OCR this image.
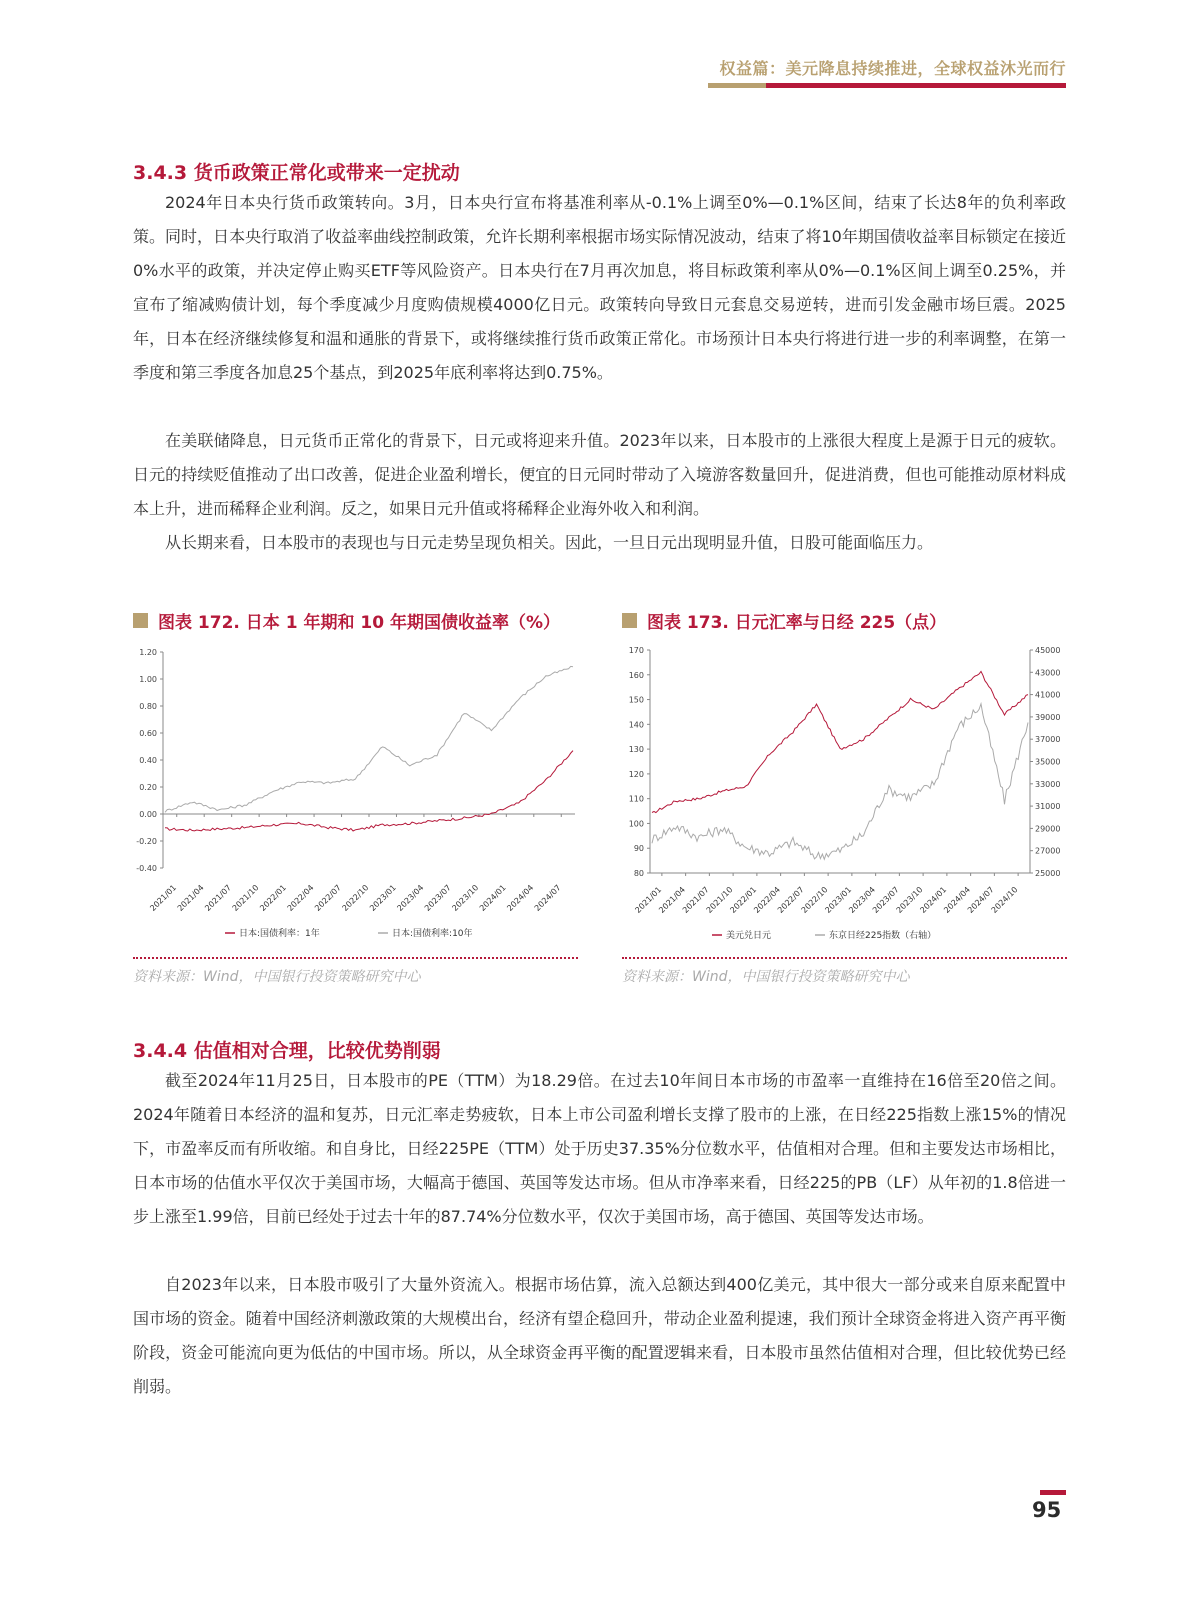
权益篇：美元降息持续推进，全球权益沐光而行
3.4.3 货币政策正常化或带来一定扰动

2024年日本央行货币政策转向。3月，日本央行宣布将基准利率从-0.1%上调至0%—0.1%区间，结束了长达8年的负利率政策。同时，日本央行取消了收益率曲线控制政策，允许长期利率根据市场实际情况波动，结束了将10年期国债收益率目标锁定在接近0%水平的政策，并决定停止购买ETF等风险资产。日本央行在7月再次加息，将目标政策利率从0%—0.1%区间上调至0.25%，并宣布了缩减购债计划，每个季度减少月度购债规模4000亿日元。政策转向导致日元套息交易逆转，进而引发金融市场巨震。2025年，日本在经济继续修复和温和通胀的背景下，或将继续推行货币政策正常化。市场预计日本央行将进行进一步的利率调整，在第一季度和第三季度各加息25个基点，到2025年底利率将达到0.75%。

在美联储降息，日元货币正常化的背景下，日元或将迎来升值。2023年以来，日本股市的上涨很大程度上是源于日元的疲软。日元的持续贬值推动了出口改善，促进企业盈利增长，便宜的日元同时带动了入境游客数量回升，促进消费，但也可能推动原材料成本上升，进而稀释企业利润。反之，如果日元升值或将稀释企业海外收入和利润。

从长期来看，日本股市的表现也与日元走势呈现负相关。因此，一旦日元出现明显升值，日股可能面临压力。

图表 172. 日本 1 年期和 10 年期国债收益率（%）
1.20
1.00
0.80
0.60
0.40
0.20
0.00
-0.20
-0.40
2021/01
2021/04
2021/07
2021/10
2022/01
2022/04
2022/07
2022/10
2023/01
2023/04
2023/07
2023/10
2024/01
2024/04
2024/07
日本:国债利率：1年	日本:国债利率:10年
资料来源：Wind，中国银行投资策略研究中心
图表 173. 日元汇率与日经 225（点）
170
160
150
140
130
120
110
100
90
80
45000
43000
41000
39000
37000
35000
33000
31000
29000
27000
25000
2021/01
2021/04
2021/07
2021/10
2022/01
2022/04
2022/07
2022/10
2023/01
2023/04
2023/07
2023/10
2024/01
2024/04
2024/07
2024/10
美元兑日元	东京日经225指数（右轴）
资料来源：Wind，中国银行投资策略研究中心
3.4.4 估值相对合理，比较优势削弱

截至2024年11月25日，日本股市的PE（TTM）为18.29倍。在过去10年间日本市场的市盈率一直维持在16倍至20倍之间。2024年随着日本经济的温和复苏，日元汇率走势疲软，日本上市公司盈利增长支撑了股市的上涨，在日经225指数上涨15%的情况下，市盈率反而有所收缩。和自身比，日经225PE（TTM）处于历史37.35%分位数水平，估值相对合理。但和主要发达市场相比，日本市场的估值水平仅次于美国市场，大幅高于德国、英国等发达市场。但从市净率来看，日经225的PB（LF）从年初的1.8倍进一步上涨至1.99倍，目前已经处于过去十年的87.74%分位数水平，仅次于美国市场，高于德国、英国等发达市场。

自2023年以来，日本股市吸引了大量外资流入。根据市场估算，流入总额达到400亿美元，其中很大一部分或来自原来配置中国市场的资金。随着中国经济刺激政策的大规模出台，经济有望企稳回升，带动企业盈利提速，我们预计全球资金将进入资产再平衡阶段，资金可能流向更为低估的中国市场。所以，从全球资金再平衡的配置逻辑来看，日本股市虽然估值相对合理，但比较优势已经削弱。

95
